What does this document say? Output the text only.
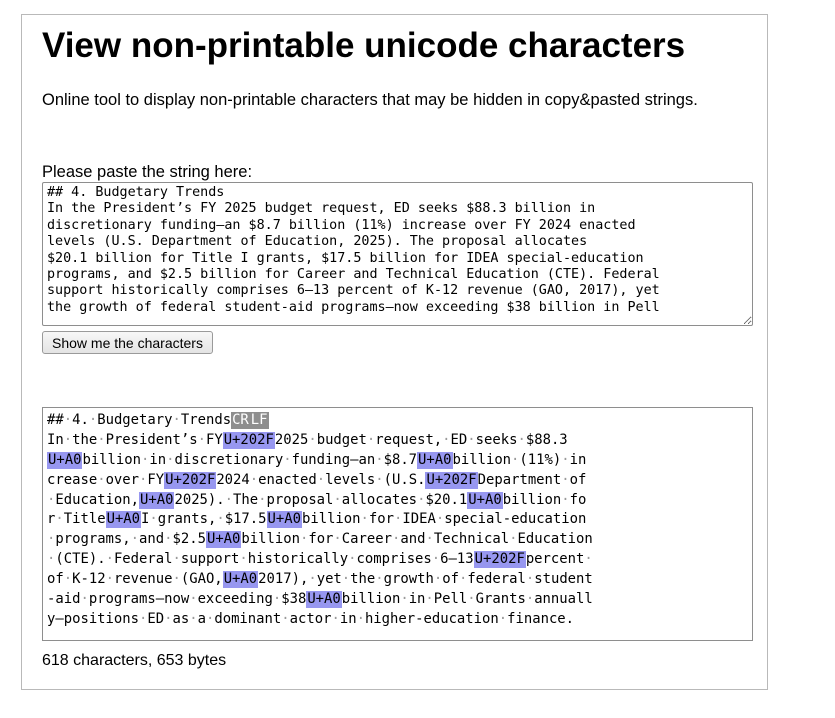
View non-printable unicode characters

Online tool to display non-printable characters that may be hidden in copy&pasted strings.

Please paste the string here:

## 4. Budgetary Trends In the President’s FY 2025 budget request, ED seeks $88.3 billion in discretionary funding—an $8.7 billion (11%) increase over FY 2024 enacted levels (U.S. Department of Education, 2025). The proposal allocates $20.1 billion for Title I grants, $17.5 billion for IDEA special-education programs, and $2.5 billion for Career and Technical Education (CTE). Federal support historically comprises 6–13 percent of K-12 revenue (GAO, 2017), yet the growth of federal student-aid programs—now exceeding $38 billion in Pell
Show me the characters
##·4.·Budgetary·TrendsCR LF
In·the·President’s·FYU+202F2025·budget·request,·ED·seeks·$88.3
U+A0billion·in·discretionary·funding—an·$8.7U+A0billion·(11%)·in
crease·over·FYU+202F2024·enacted·levels·(U.S.U+202FDepartment·of
·Education,U+A02025).·The·proposal·allocates·$20.1U+A0billion·fo
r·TitleU+A0I·grants,·$17.5U+A0billion·for·IDEA·special-education
·programs,·and·$2.5U+A0billion·for·Career·and·Technical·Education
·(CTE).·Federal·support·historically·comprises·6–13U+202Fpercent·
of·K-12·revenue·(GAO,U+A02017),·yet·the·growth·of·federal·student
-aid·programs—now·exceeding·$38U+A0billion·in·Pell·Grants·annuall
y—positions·ED·as·a·dominant·actor·in·higher-education·finance.
618 characters, 653 bytes
